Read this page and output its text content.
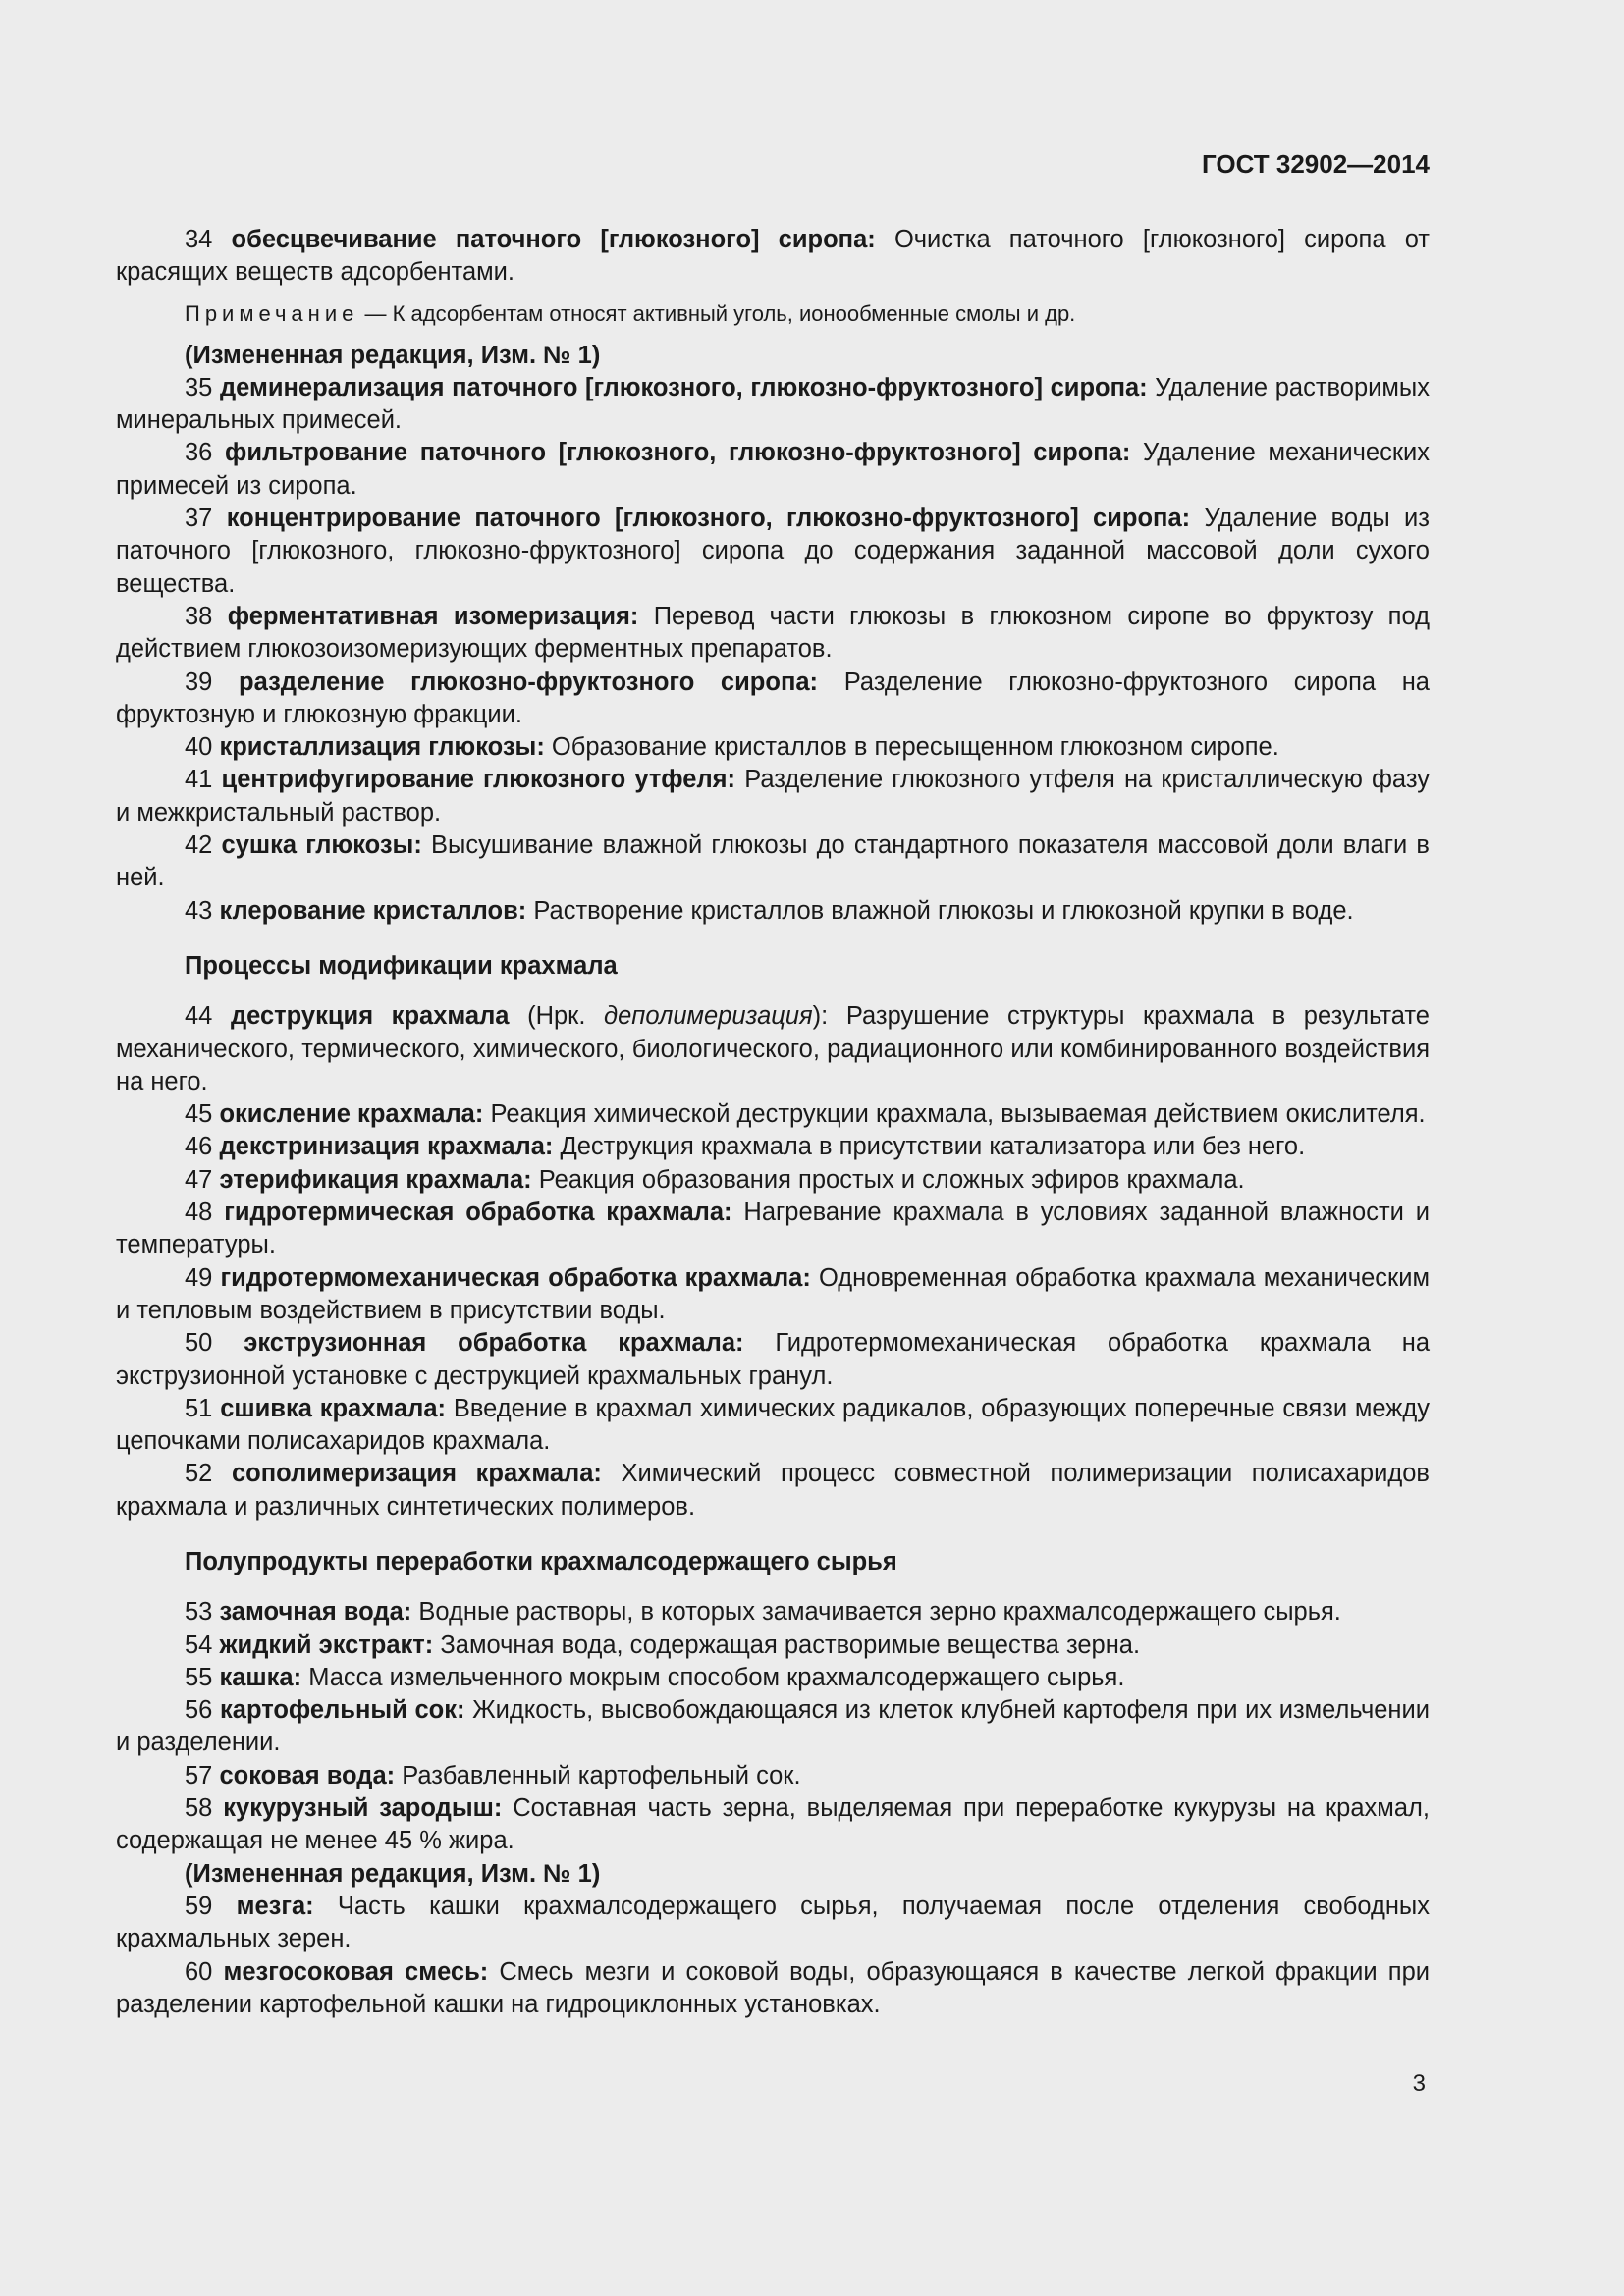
ГОСТ 32902—2014

34 обесцвечивание паточного [глюкозного] сиропа: Очистка паточного [глюкозного] сиропа от красящих веществ адсорбентами.

Примечание — К адсорбентам относят активный уголь, ионообменные смолы и др.

(Измененная редакция, Изм. № 1)

35 деминерализация паточного [глюкозного, глюкозно-фруктозного] сиропа: Удаление растворимых минеральных примесей.

36 фильтрование паточного [глюкозного, глюкозно-фруктозного] сиропа: Удаление механических примесей из сиропа.

37 концентрирование паточного [глюкозного, глюкозно-фруктозного] сиропа: Удаление воды из паточного [глюкозного, глюкозно-фруктозного] сиропа до содержания заданной массовой доли сухого вещества.

38 ферментативная изомеризация: Перевод части глюкозы в глюкозном сиропе во фруктозу под действием глюкозоизомеризующих ферментных препаратов.

39 разделение глюкозно-фруктозного сиропа: Разделение глюкозно-фруктозного сиропа на фруктозную и глюкозную фракции.

40 кристаллизация глюкозы: Образование кристаллов в пересыщенном глюкозном сиропе.

41 центрифугирование глюкозного утфеля: Разделение глюкозного утфеля на кристаллическую фазу и межкристальный раствор.

42 сушка глюкозы: Высушивание влажной глюкозы до стандартного показателя массовой доли влаги в ней.

43 клерование кристаллов: Растворение кристаллов влажной глюкозы и глюкозной крупки в воде.

Процессы модификации крахмала

44 деструкция крахмала (Нрк. деполимеризация): Разрушение структуры крахмала в результате механического, термического, химического, биологического, радиационного или комбинированного воздействия на него.

45 окисление крахмала: Реакция химической деструкции крахмала, вызываемая действием окислителя.

46 декстринизация крахмала: Деструкция крахмала в присутствии катализатора или без него.

47 этерификация крахмала: Реакция образования простых и сложных эфиров крахмала.

48 гидротермическая обработка крахмала: Нагревание крахмала в условиях заданной влажности и температуры.

49 гидротермомеханическая обработка крахмала: Одновременная обработка крахмала механическим и тепловым воздействием в присутствии воды.

50 экструзионная обработка крахмала: Гидротермомеханическая обработка крахмала на экструзионной установке с деструкцией крахмальных гранул.

51 сшивка крахмала: Введение в крахмал химических радикалов, образующих поперечные связи между цепочками полисахаридов крахмала.

52 сополимеризация крахмала: Химический процесс совместной полимеризации полисахаридов крахмала и различных синтетических полимеров.

Полупродукты переработки крахмалсодержащего сырья

53 замочная вода: Водные растворы, в которых замачивается зерно крахмалсодержащего сырья.

54 жидкий экстракт: Замочная вода, содержащая растворимые вещества зерна.

55 кашка: Масса измельченного мокрым способом крахмалсодержащего сырья.

56 картофельный сок: Жидкость, высвобождающаяся из клеток клубней картофеля при их измельчении и разделении.

57 соковая вода: Разбавленный картофельный сок.

58 кукурузный зародыш: Составная часть зерна, выделяемая при переработке кукурузы на крахмал, содержащая не менее 45 % жира.

(Измененная редакция, Изм. № 1)

59 мезга: Часть кашки крахмалсодержащего сырья, получаемая после отделения свободных крахмальных зерен.

60 мезгосоковая смесь: Смесь мезги и соковой воды, образующаяся в качестве легкой фракции при разделении картофельной кашки на гидроциклонных установках.

3
